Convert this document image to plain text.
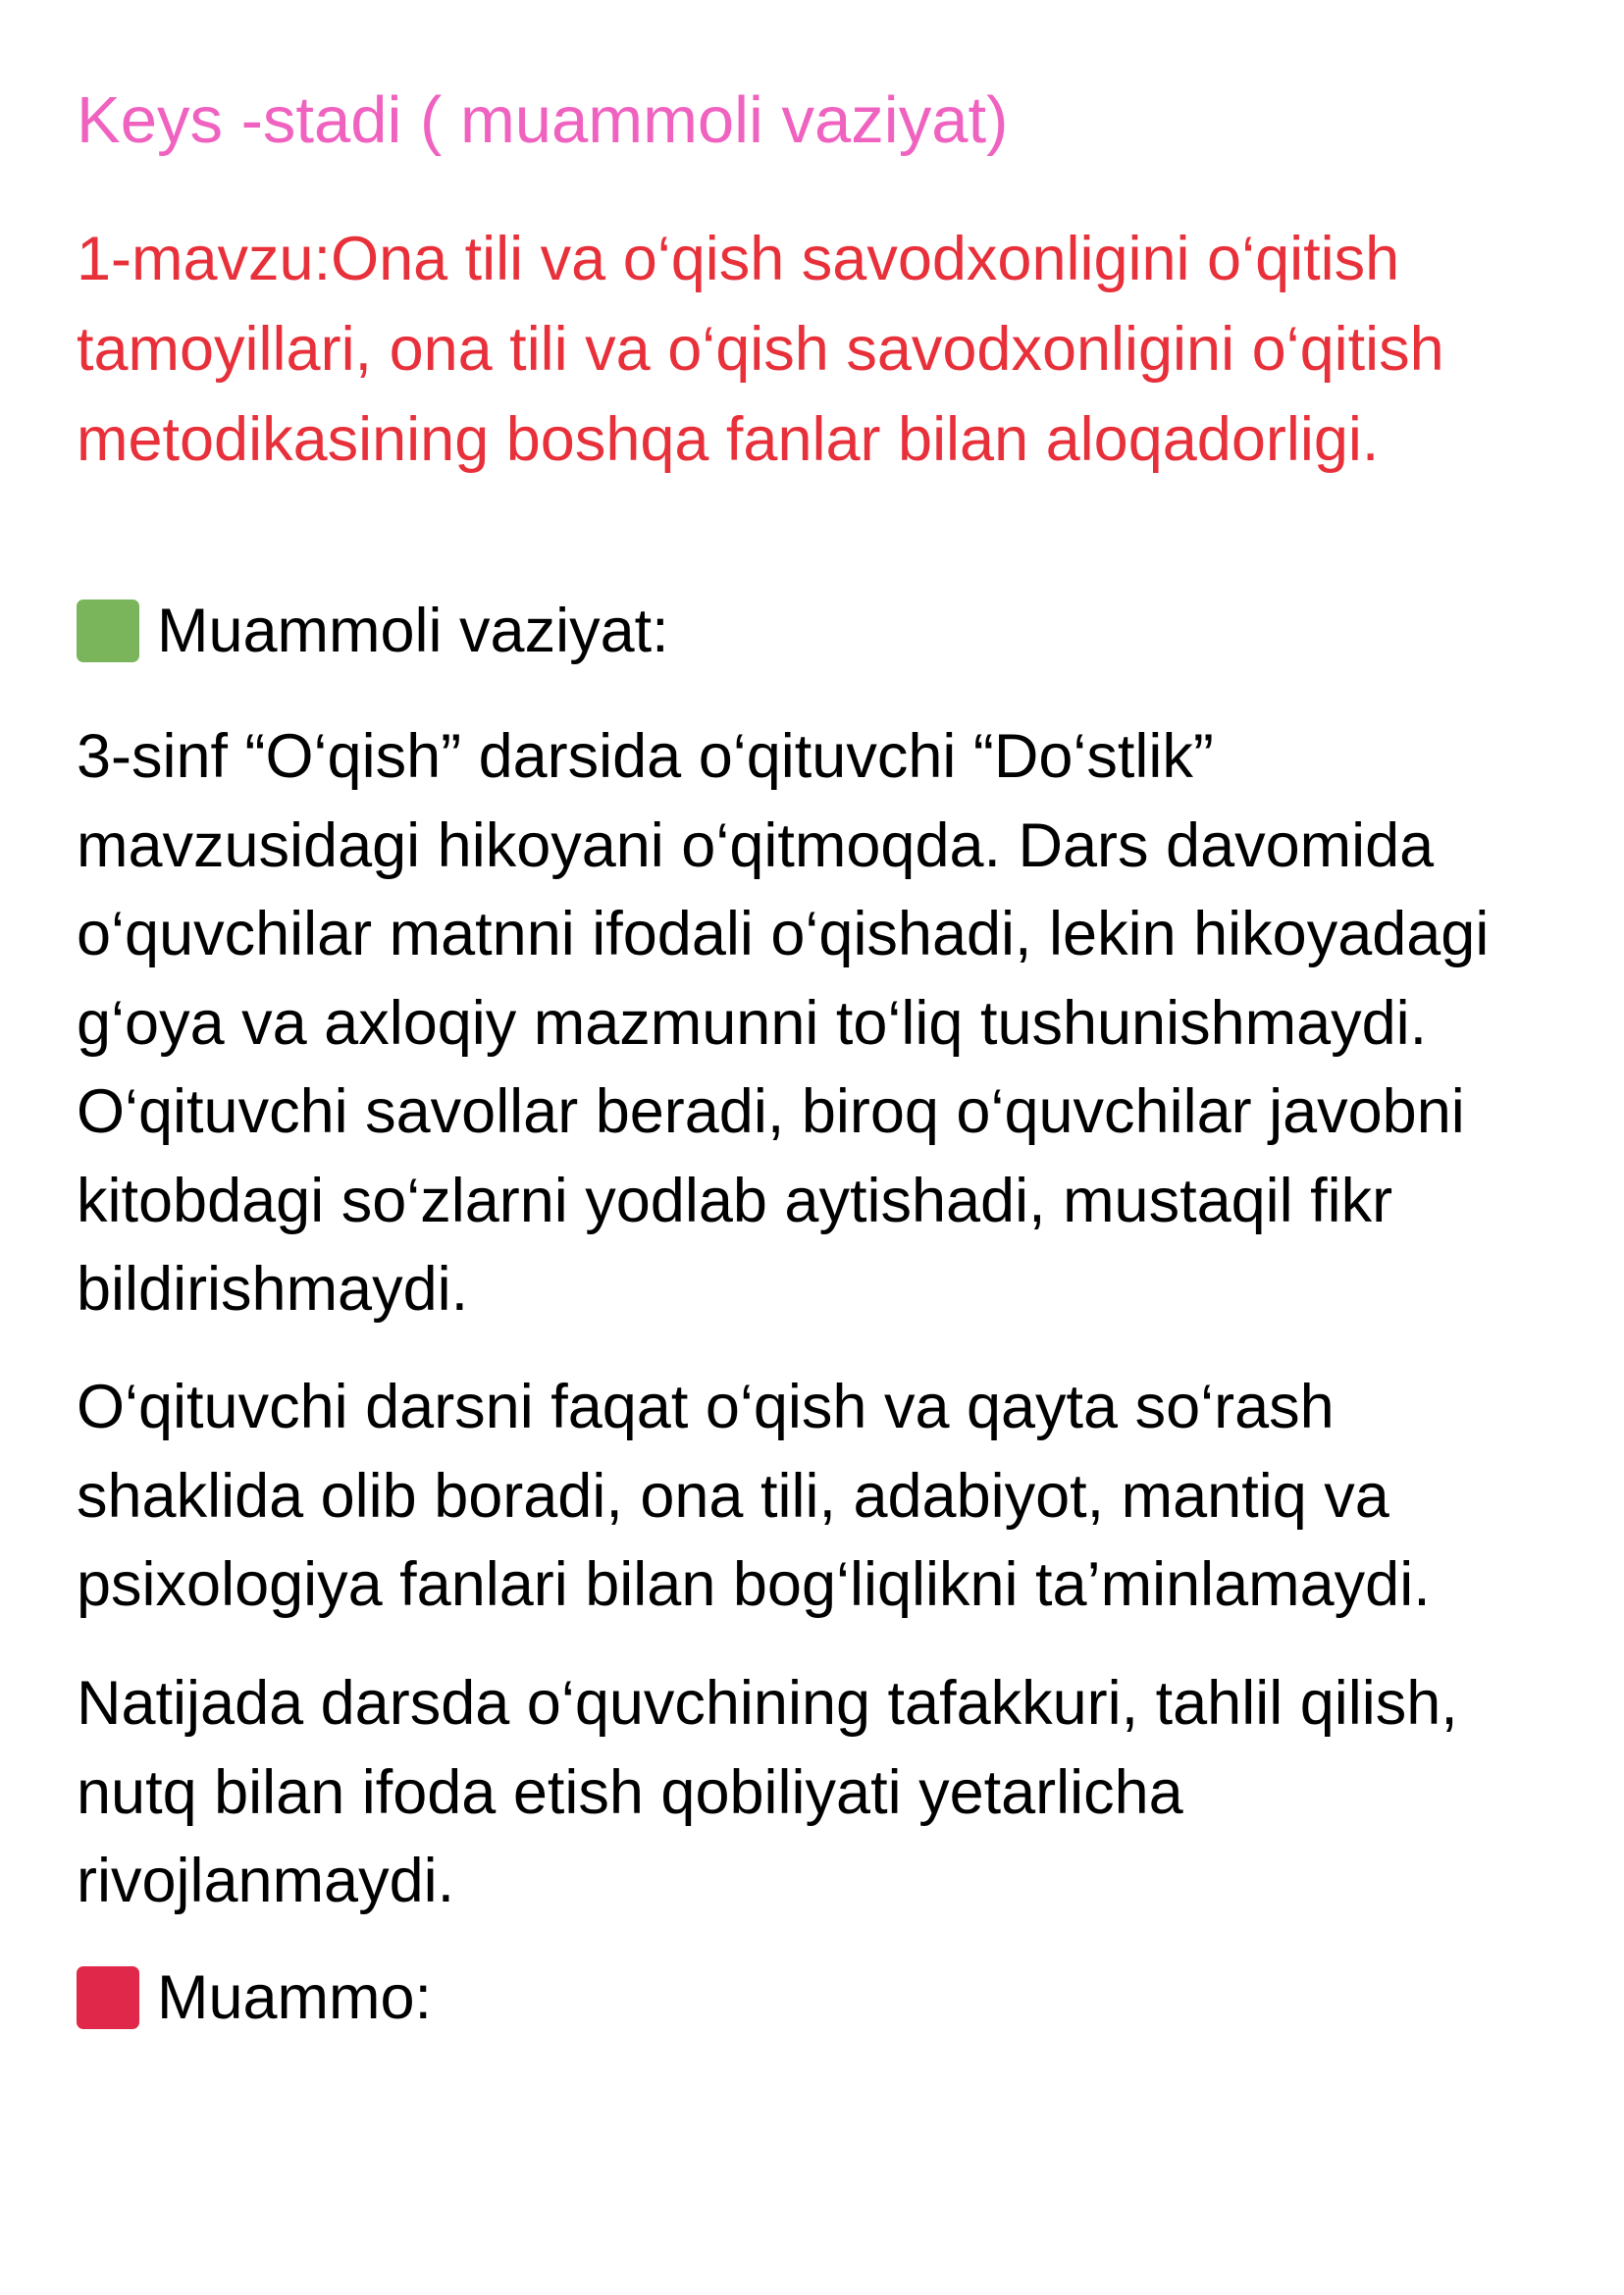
Keys -stadi ( muammoli vaziyat)
1-mavzu:Ona tili va o‘qish savodxonligini o‘qitish
tamoyillari, ona tili va o‘qish savodxonligini o‘qitish
metodikasining boshqa fanlar bilan aloqadorligi.
Muammoli vaziyat:
3-sinf “O‘qish” darsida o‘qituvchi “Do‘stlik”
mavzusidagi hikoyani o‘qitmoqda. Dars davomida
o‘quvchilar matnni ifodali o‘qishadi, lekin hikoyadagi
g‘oya va axloqiy mazmunni to‘liq tushunishmaydi.
O‘qituvchi savollar beradi, biroq o‘quvchilar javobni
kitobdagi so‘zlarni yodlab aytishadi, mustaqil fikr
bildirishmaydi.
O‘qituvchi darsni faqat o‘qish va qayta so‘rash
shaklida olib boradi, ona tili, adabiyot, mantiq va
psixologiya fanlari bilan bog‘liqlikni ta’minlamaydi.
Natijada darsda o‘quvchining tafakkuri, tahlil qilish,
nutq bilan ifoda etish qobiliyati yetarlicha
rivojlanmaydi.
Muammo:
